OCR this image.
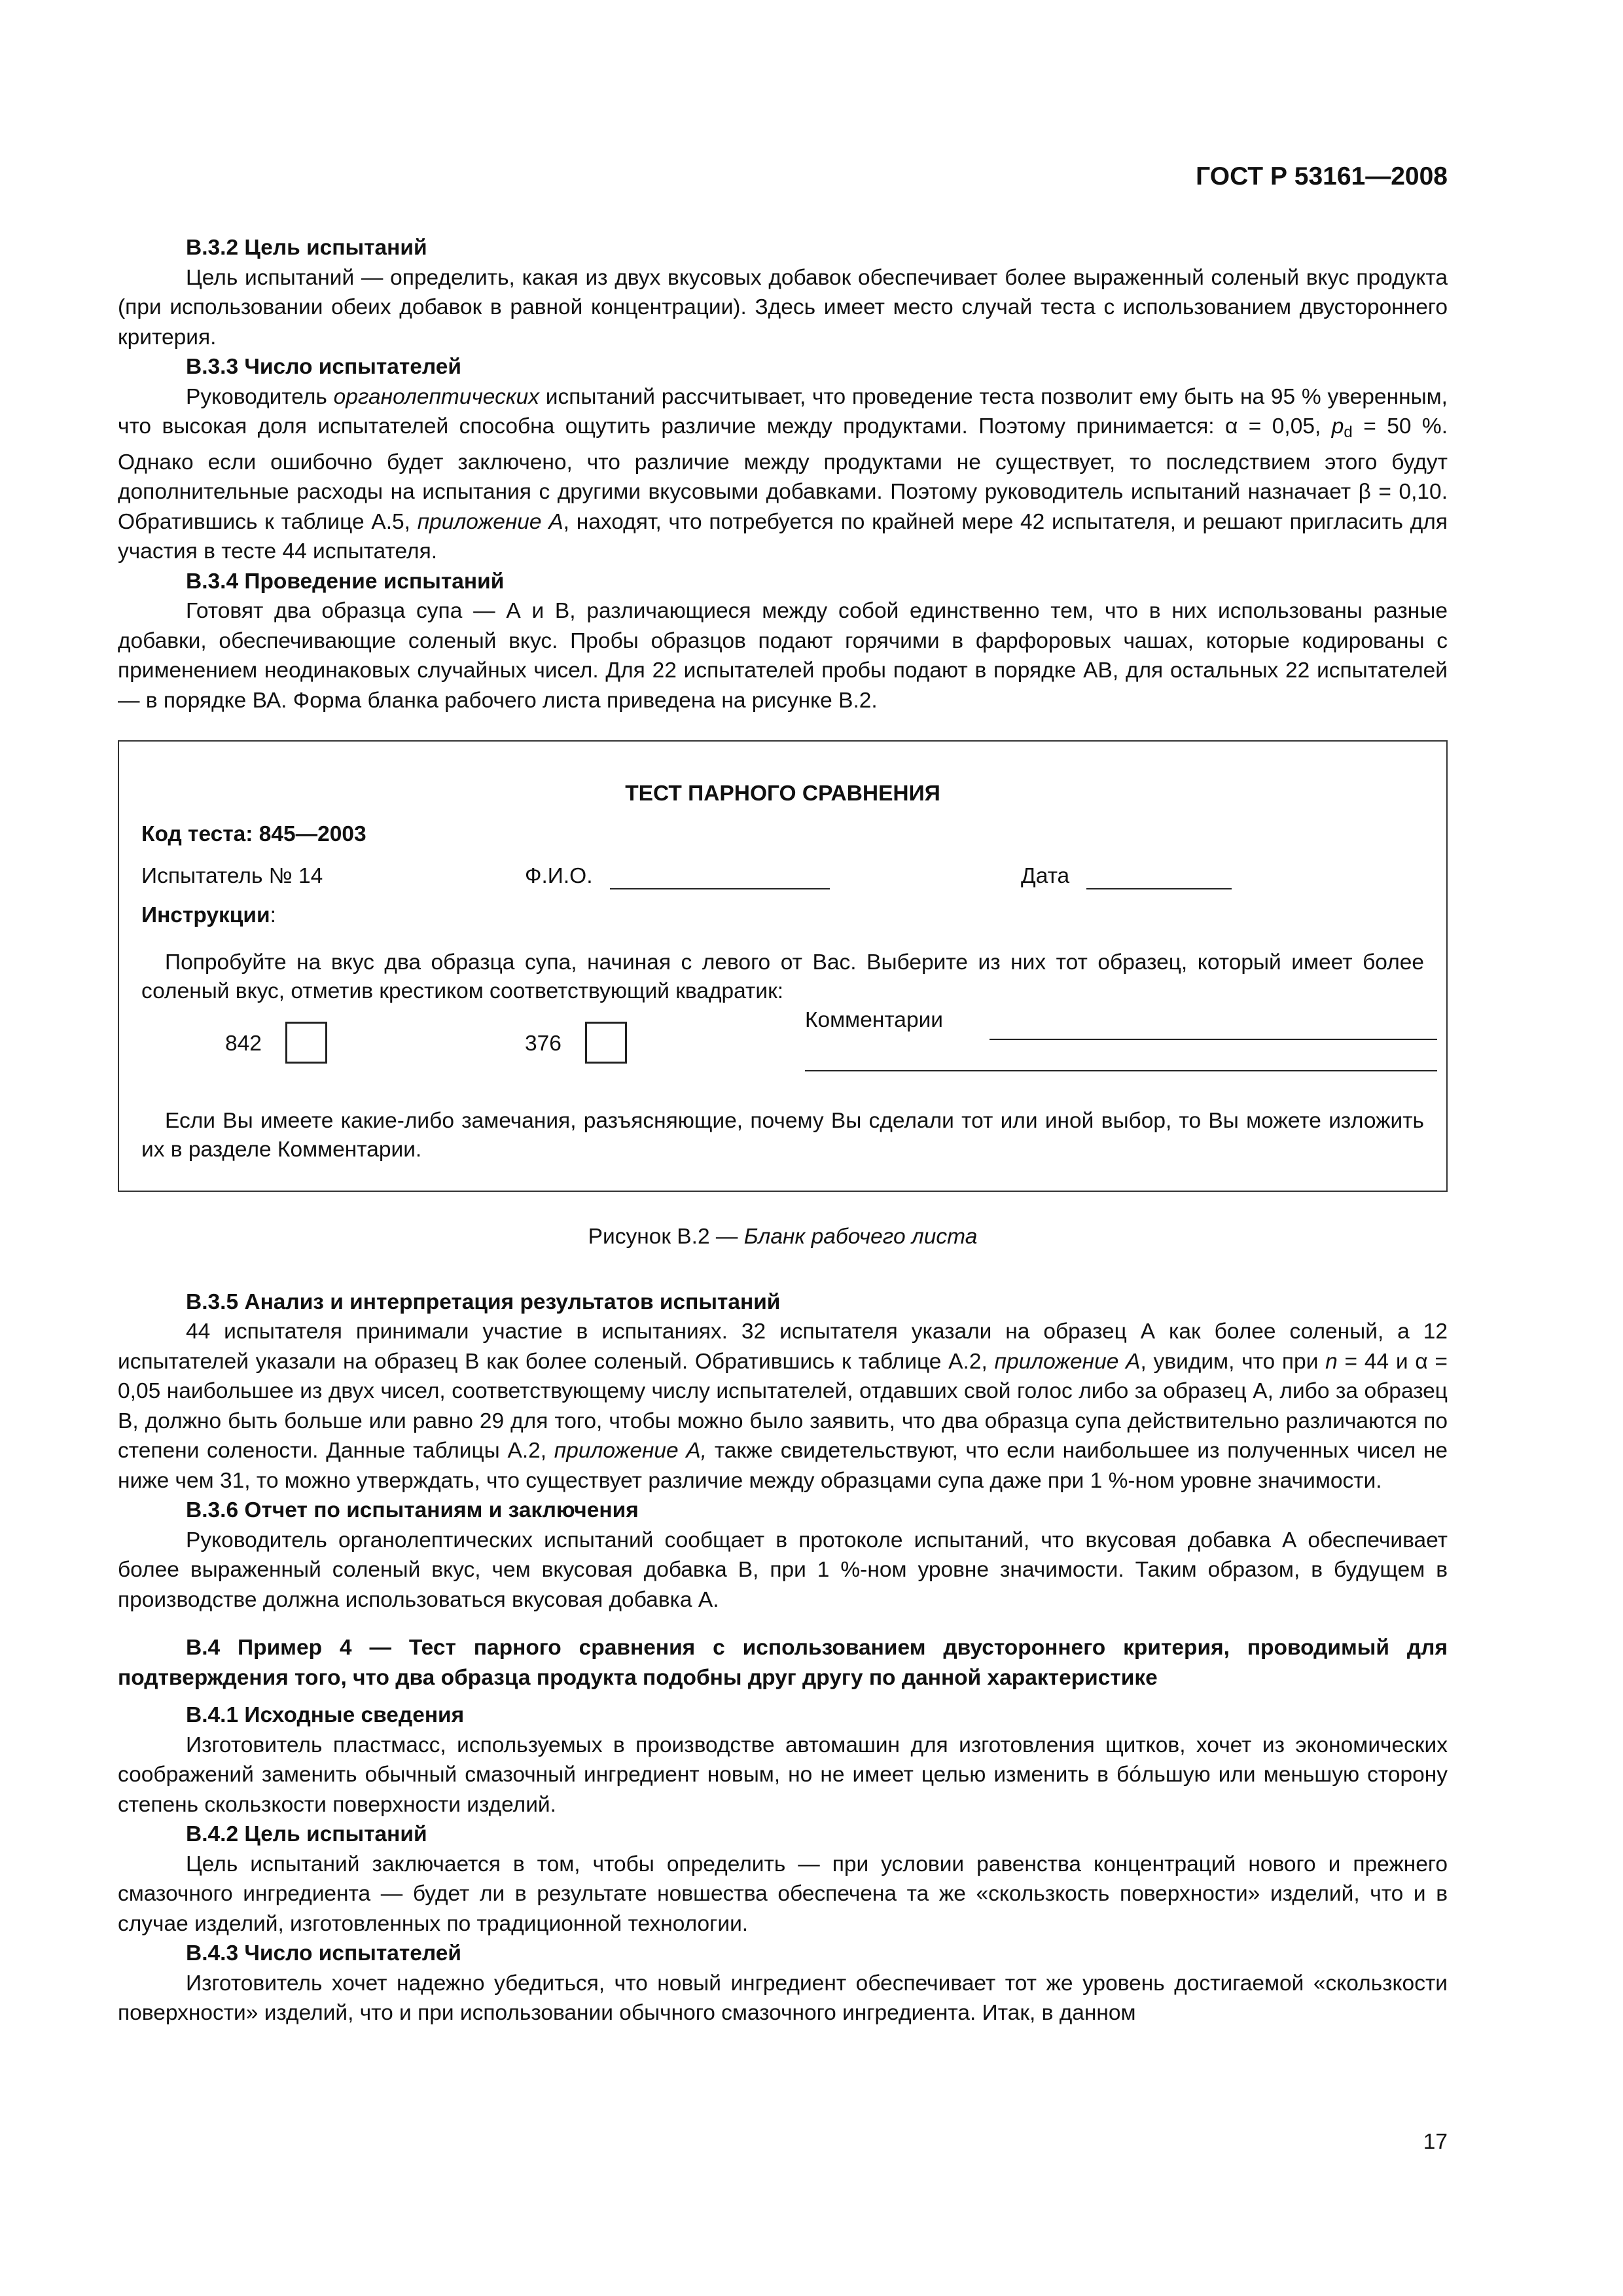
ГОСТ Р 53161—2008
В.3.2 Цель испытаний

Цель испытаний — определить, какая из двух вкусовых добавок обеспечивает более выраженный соленый вкус продукта (при использовании обеих добавок в равной концентрации). Здесь имеет место случай теста с использованием двустороннего критерия.

В.3.3 Число испытателей

Руководитель органолептических испытаний рассчитывает, что проведение теста позволит ему быть на 95 % уверенным, что высокая доля испытателей способна ощутить различие между продуктами. Поэтому принимается: α = 0,05, $p_d = 50$ %. Однако если ошибочно будет заключено, что различие между продуктами не существует, то последствием этого будут дополнительные расходы на испытания с другими вкусовыми добавками. Поэтому руководитель испытаний назначает β = 0,10. Обратившись к таблице А.5, приложение А, находят, что потребуется по крайней мере 42 испытателя, и решают пригласить для участия в тесте 44 испытателя.

В.3.4 Проведение испытаний

Готовят два образца супа — А и В, различающиеся между собой единственно тем, что в них использованы разные добавки, обеспечивающие соленый вкус. Пробы образцов подают горячими в фарфоровых чашах, которые кодированы с применением неодинаковых случайных чисел. Для 22 испытателей пробы подают в порядке АВ, для остальных 22 испытателей — в порядке ВА. Форма бланка рабочего листа приведена на рисунке В.2.

ТЕСТ ПАРНОГО СРАВНЕНИЯ
Код теста: 845—2003
Испытатель № 14	Ф.И.О.	Дата
Инструкции:
Попробуйте на вкус два образца супа, начиная с левого от Вас. Выберите из них тот образец, который имеет более соленый вкус, отметив крестиком соответствующий квадратик:
842	376
Комментарии
Если Вы имеете какие-либо замечания, разъясняющие, почему Вы сделали тот или иной выбор, то Вы можете изложить их в разделе Комментарии.
Рисунок В.2 — Бланк рабочего листа
В.3.5 Анализ и интерпретация результатов испытаний

44 испытателя принимали участие в испытаниях. 32 испытателя указали на образец А как более соленый, а 12 испытателей указали на образец В как более соленый. Обратившись к таблице А.2, приложение А, увидим, что при n = 44 и α = 0,05 наибольшее из двух чисел, соответствующему числу испытателей, отдавших свой голос либо за образец А, либо за образец В, должно быть больше или равно 29 для того, чтобы можно было заявить, что два образца супа действительно различаются по степени солености. Данные таблицы А.2, приложение А, также свидетельствуют, что если наибольшее из полученных чисел не ниже чем 31, то можно утверждать, что существует различие между образцами супа даже при 1 %-ном уровне значимости.

В.3.6 Отчет по испытаниям и заключения

Руководитель органолептических испытаний сообщает в протоколе испытаний, что вкусовая добавка А обеспечивает более выраженный соленый вкус, чем вкусовая добавка В, при 1 %-ном уровне значимости. Таким образом, в будущем в производстве должна использоваться вкусовая добавка А.

В.4 Пример 4 — Тест парного сравнения с использованием двустороннего критерия, проводимый для подтверждения того, что два образца продукта подобны друг другу по данной характеристике
В.4.1 Исходные сведения

Изготовитель пластмасс, используемых в производстве автомашин для изготовления щитков, хочет из экономических соображений заменить обычный смазочный ингредиент новым, но не имеет целью изменить в бóльшую или меньшую сторону степень скользкости поверхности изделий.

В.4.2 Цель испытаний

Цель испытаний заключается в том, чтобы определить — при условии равенства концентраций нового и прежнего смазочного ингредиента — будет ли в результате новшества обеспечена та же «скользкость поверхности» изделий, что и в случае изделий, изготовленных по традиционной технологии.

В.4.3 Число испытателей

Изготовитель хочет надежно убедиться, что новый ингредиент обеспечивает тот же уровень достигаемой «скользкости поверхности» изделий, что и при использовании обычного смазочного ингредиента. Итак, в данном

17
